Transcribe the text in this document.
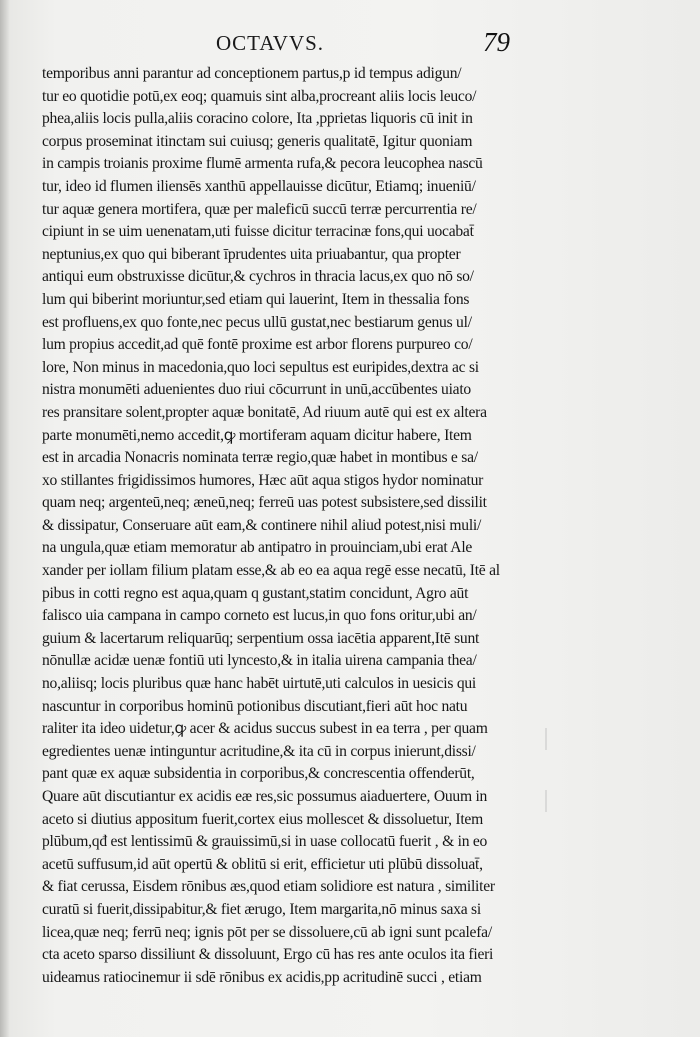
OCTAVVS.	79
temporibus anni parantur ad conceptionem partus,p id tempus adigun/
tur eo quotidie potū,ex eoq; quamuis sint alba,procreant aliis locis leuco/
phea,aliis locis pulla,aliis coracino colore, Ita ,pprietas liquoris cū init in
corpus proseminat itinctam sui cuiusq; generis qualitatē, Igitur quoniam
in campis troianis proxime flumē armenta rufa,& pecora leucophea nascū
tur, ideo id flumen iliensēs xanthū appellauisse dicūtur, Etiamq; inueniū/
tur aquæ genera mortifera, quæ per maleficū succū terræ percurrentia re/
cipiunt in se uim uenenatam,uti fuisse dicitur terracinæ fons,qui uocabat̄
neptunius,ex quo qui biberant īprudentes uita priuabantur, qua propter
antiqui eum obstruxisse dicūtur,& cychros in thracia lacus,ex quo nō so/
lum qui biberint moriuntur,sed etiam qui lauerint, Item in thessalia fons
est profluens,ex quo fonte,nec pecus ullū gustat,nec bestiarum genus ul/
lum propius accedit,ad quē fontē proxime est arbor florens purpureo co/
lore, Non minus in macedonia,quo loci sepultus est euripides,dextra ac si
nistra monumēti aduenientes duo riui cōcurrunt in unū,accūbentes uiato
res pransitare solent,propter aquæ bonitatē, Ad riuum autē qui est ex altera
parte monumēti,nemo accedit,ꝙ mortiferam aquam dicitur habere, Item
est in arcadia Nonacris nominata terræ regio,quæ habet in montibus e sa/
xo stillantes frigidissimos humores, Hæc aūt aqua stigos hydor nominatur
quam neq; argenteū,neq; æneū,neq; ferreū uas potest subsistere,sed dissilit
& dissipatur, Conseruare aūt eam,& continere nihil aliud potest,nisi muli/
na ungula,quæ etiam memoratur ab antipatro in prouinciam,ubi erat Ale
xander per iollam filium platam esse,& ab eo ea aqua regē esse necatū, Itē al
pibus in cotti regno est aqua,quam q gustant,statim concidunt, Agro aūt
falisco uia campana in campo corneto est lucus,in quo fons oritur,ubi an/
guium & lacertarum reliquarūq; serpentium ossa iacētia apparent,Itē sunt
nōnullæ acidæ uenæ fontiū uti lyncesto,& in italia uirena campania thea/
no,aliisq; locis pluribus quæ hanc habēt uirtutē,uti calculos in uesicis qui
nascuntur in corporibus hominū potionibus discutiant,fieri aūt hoc natu
raliter ita ideo uidetur,ꝙ acer & acidus succus subest in ea terra , per quam
egredientes uenæ intinguntur acritudine,& ita cū in corpus inierunt,dissi/
pant quæ ex aquæ subsidentia in corporibus,& concrescentia offenderūt,
Quare aūt discutiantur ex acidis eæ res,sic possumus aiaduertere, Ouum in
aceto si diutius appositum fuerit,cortex eius mollescet & dissoluetur, Item
plūbum,qđ est lentissimū & grauissimū,si in uase collocatū fuerit , & in eo
acetū suffusum,id aūt opertū & oblitū si erit, efficietur uti plūbū dissoluat̄,
& fiat cerussa, Eisdem rōnibus æs,quod etiam solidiore est natura , similiter
curatū si fuerit,dissipabitur,& fiet ærugo, Item margarita,nō minus saxa si
licea,quæ neq; ferrū neq; ignis pōt per se dissoluere,cū ab igni sunt pcalefa/
cta aceto sparso dissiliunt & dissoluunt, Ergo cū has res ante oculos ita fieri
uideamus ratiocinemur ii sdē rōnibus ex acidis,pp acritudinē succi , etiam
